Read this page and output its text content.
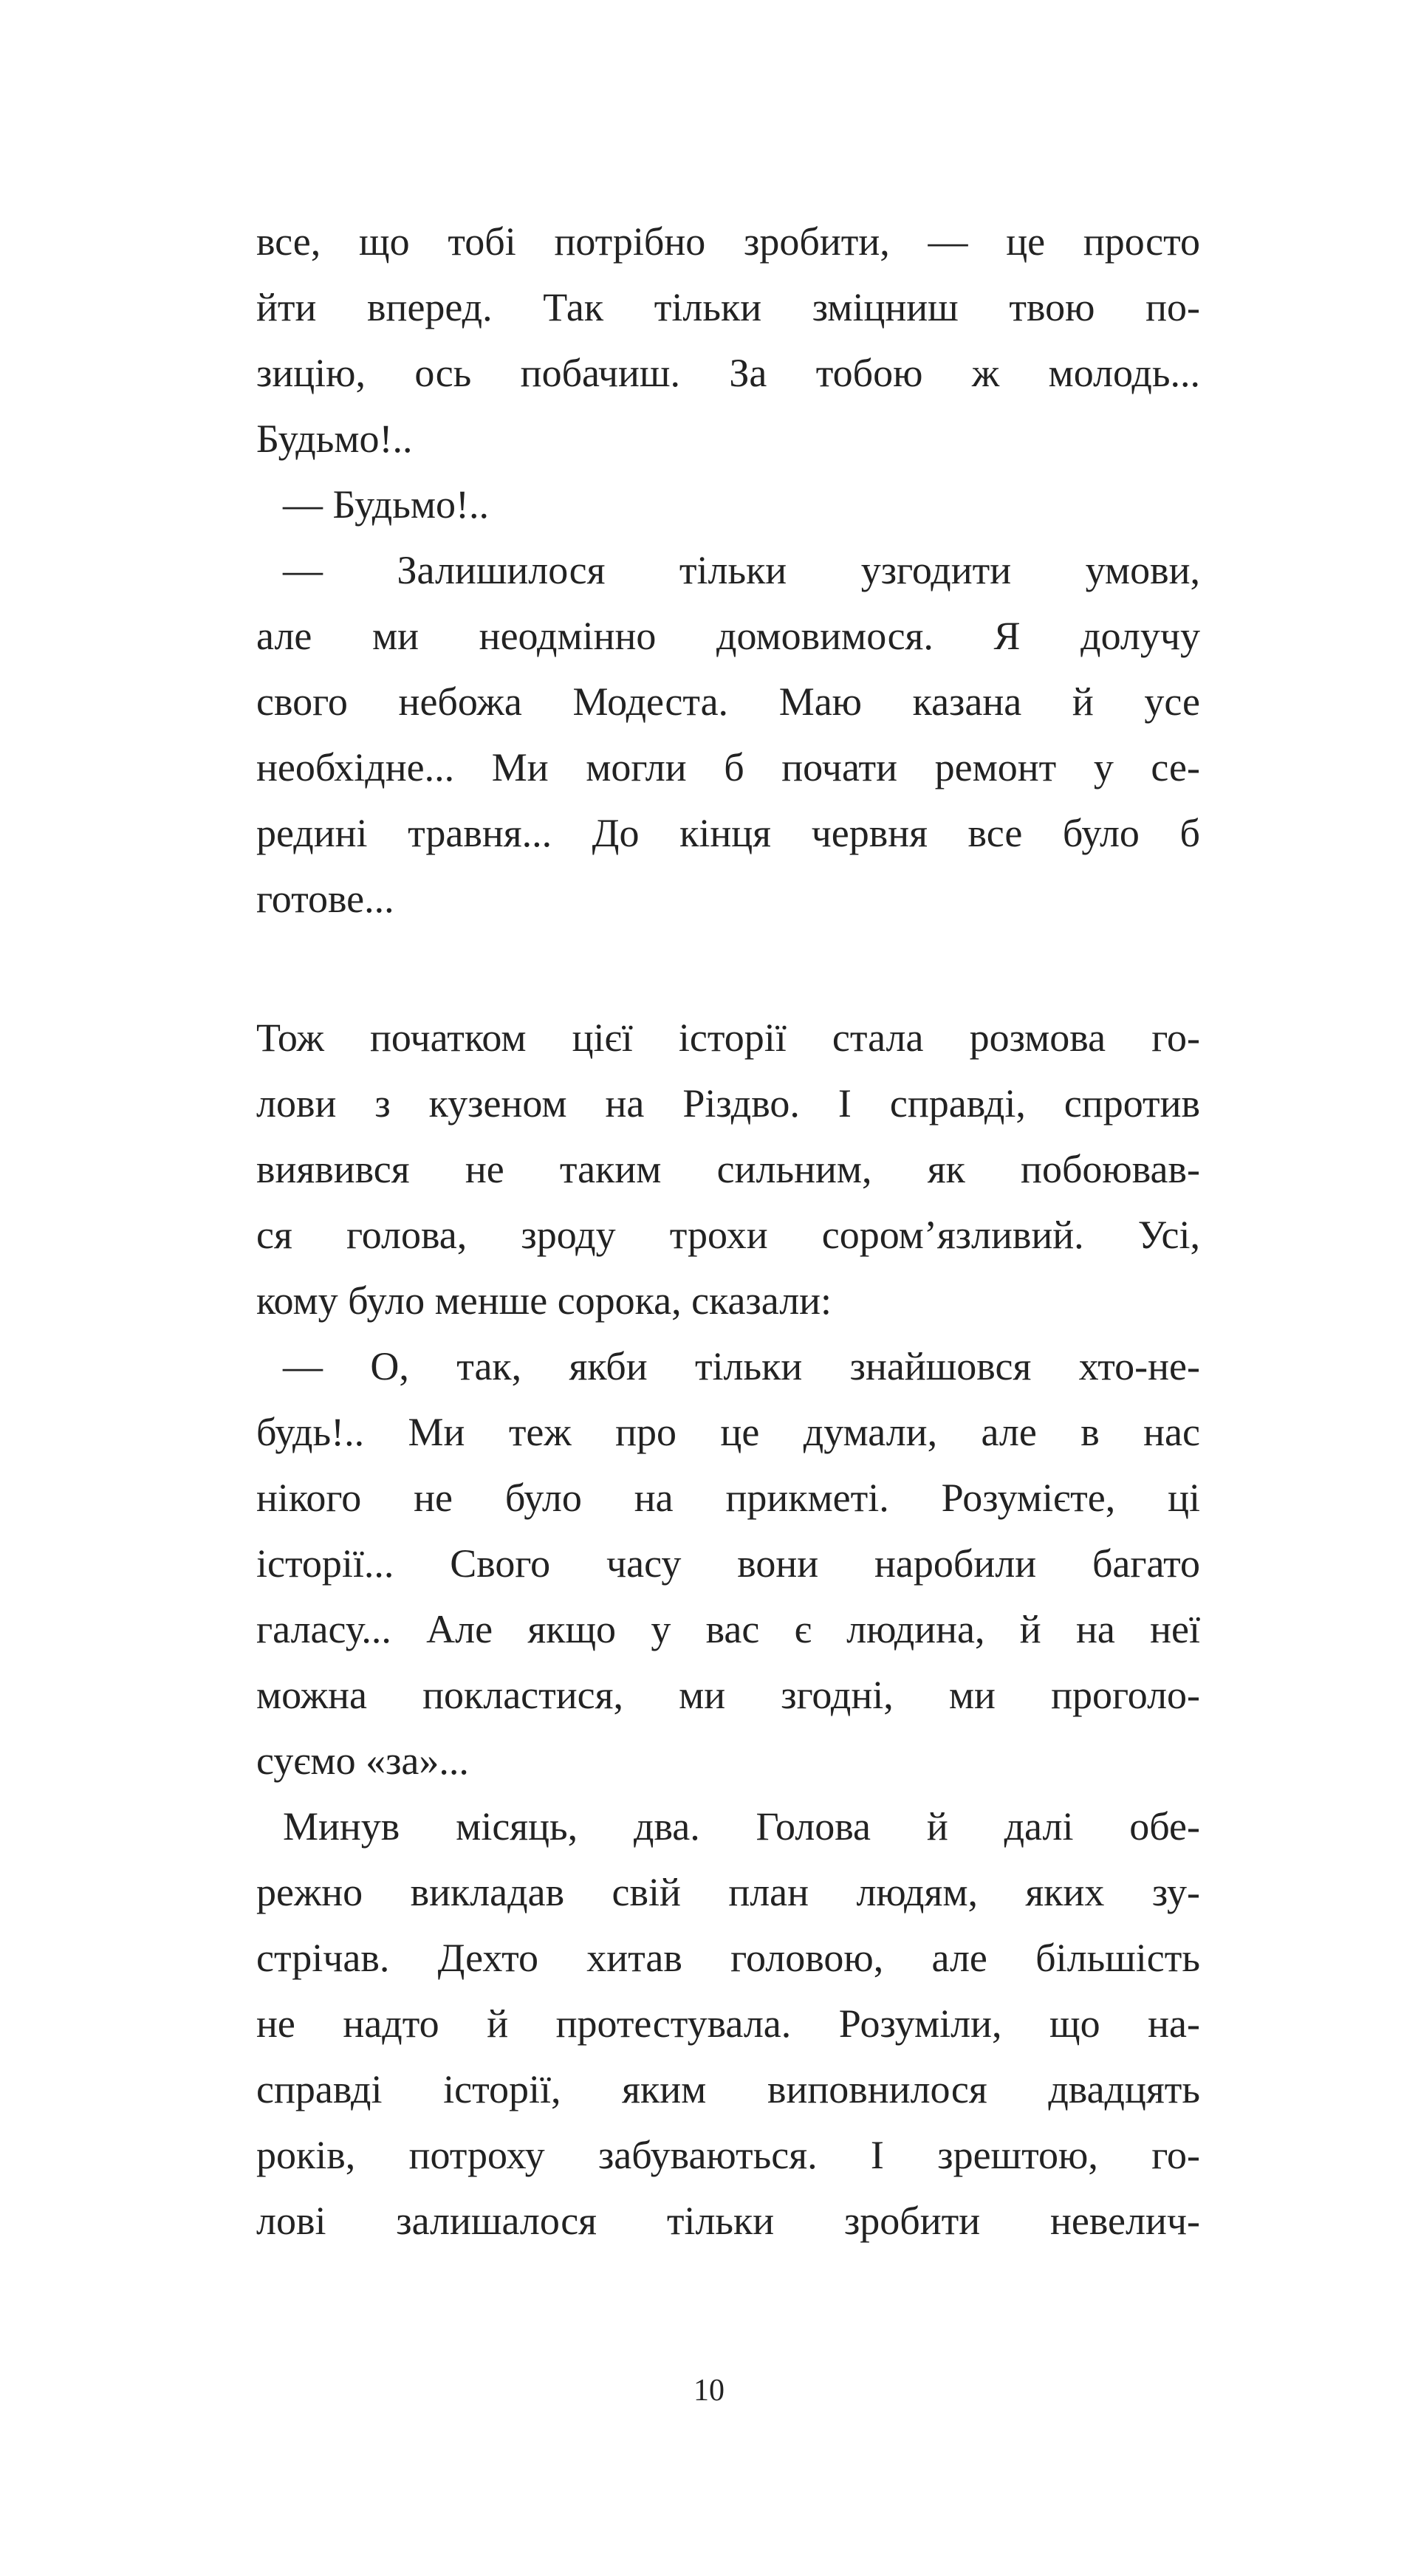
все, що тобі потрібно зробити, — це просто
йти вперед. Так тільки зміцниш твою по-
зицію, ось побачиш. За тобою ж молодь...
Будьмо!..
— Будьмо!..
— Залишилося тільки узгодити умови,
але ми неодмінно домовимося. Я долучу
свого небожа Модеста. Маю казана й усе
необхідне... Ми могли б почати ремонт у се-
редині травня... До кінця червня все було б
готове...
Тож початком цієї історії стала розмова го-
лови з кузеном на Різдво. І справді, спротив
виявився не таким сильним, як побоював-
ся голова, зроду трохи сором’язливий. Усі,
кому було менше сорока, сказали:
— О, так, якби тільки знайшовся хто-не-
будь!.. Ми теж про це думали, але в нас
нікого не було на прикметі. Розумієте, ці
історії... Свого часу вони наробили багато
галасу... Але якщо у вас є людина, й на неї
можна покластися, ми згодні, ми проголо-
суємо «за»...
Минув місяць, два. Голова й далі обе-
режно викладав свій план людям, яких зу-
стрічав. Дехто хитав головою, але більшість
не надто й протестувала. Розуміли, що на-
справді історії, яким виповнилося двадцять
років, потроху забуваються. І зрештою, го-
лові залишалося тільки зробити невелич-
10
